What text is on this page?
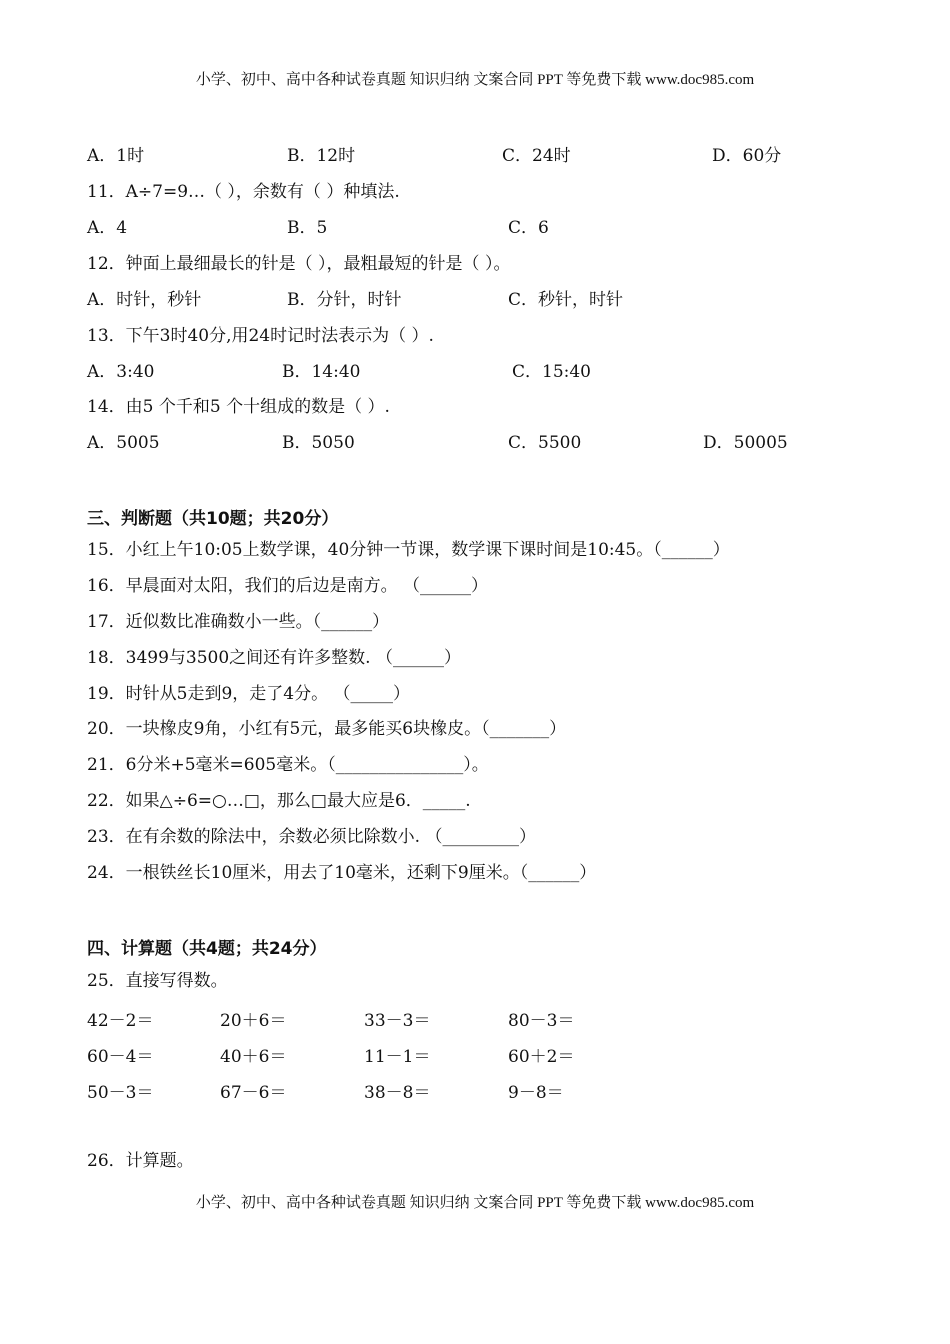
小学、初中、高中各种试卷真题 知识归纳 文案合同 PPT 等免费下载 www.doc985.com
A．1时	B．12时	C．24时	D．60分
11．A÷7=9…（ ），余数有（ ）种填法.
A．4	B．5	C．6
12．钟面上最细最长的针是（ ），最粗最短的针是（ ）。
A．时针，秒针	B．分针，时针	C．秒针，时针
13．下午3时40分,用24时记时法表示为（ ）.
A．3:40	B．14:40	C．15:40
14．由5 个千和5 个十组成的数是（ ）.
A．5005	B．5050	C．5500	D．50005
三、判断题（共10题；共20分）
15．小红上午10:05上数学课，40分钟一节课，数学课下课时间是10:45。（______）
16．早晨面对太阳，我们的后边是南方。 （______）
17．近似数比准确数小一些。（______）
18．3499与3500之间还有许多整数. （______）
19．时针从5走到9，走了4分。 （_____）
20．一块橡皮9角，小红有5元，最多能买6块橡皮。（_______）
21．6分米+5毫米=605毫米。（_______________）。
22．如果△÷6=○…□，那么□最大应是6．_____.
23．在有余数的除法中，余数必须比除数小. （_________）
24．一根铁丝长10厘米，用去了10毫米，还剩下9厘米。（______）
四、计算题（共4题；共24分）
25．直接写得数。
42－2＝	20＋6＝	33－3＝	80－3＝
60－4＝	40＋6＝	11－1＝	60＋2＝
50－3＝	67－6＝	38－8＝	9－8＝
26．计算题。
小学、初中、高中各种试卷真题 知识归纳 文案合同 PPT 等免费下载 www.doc985.com
